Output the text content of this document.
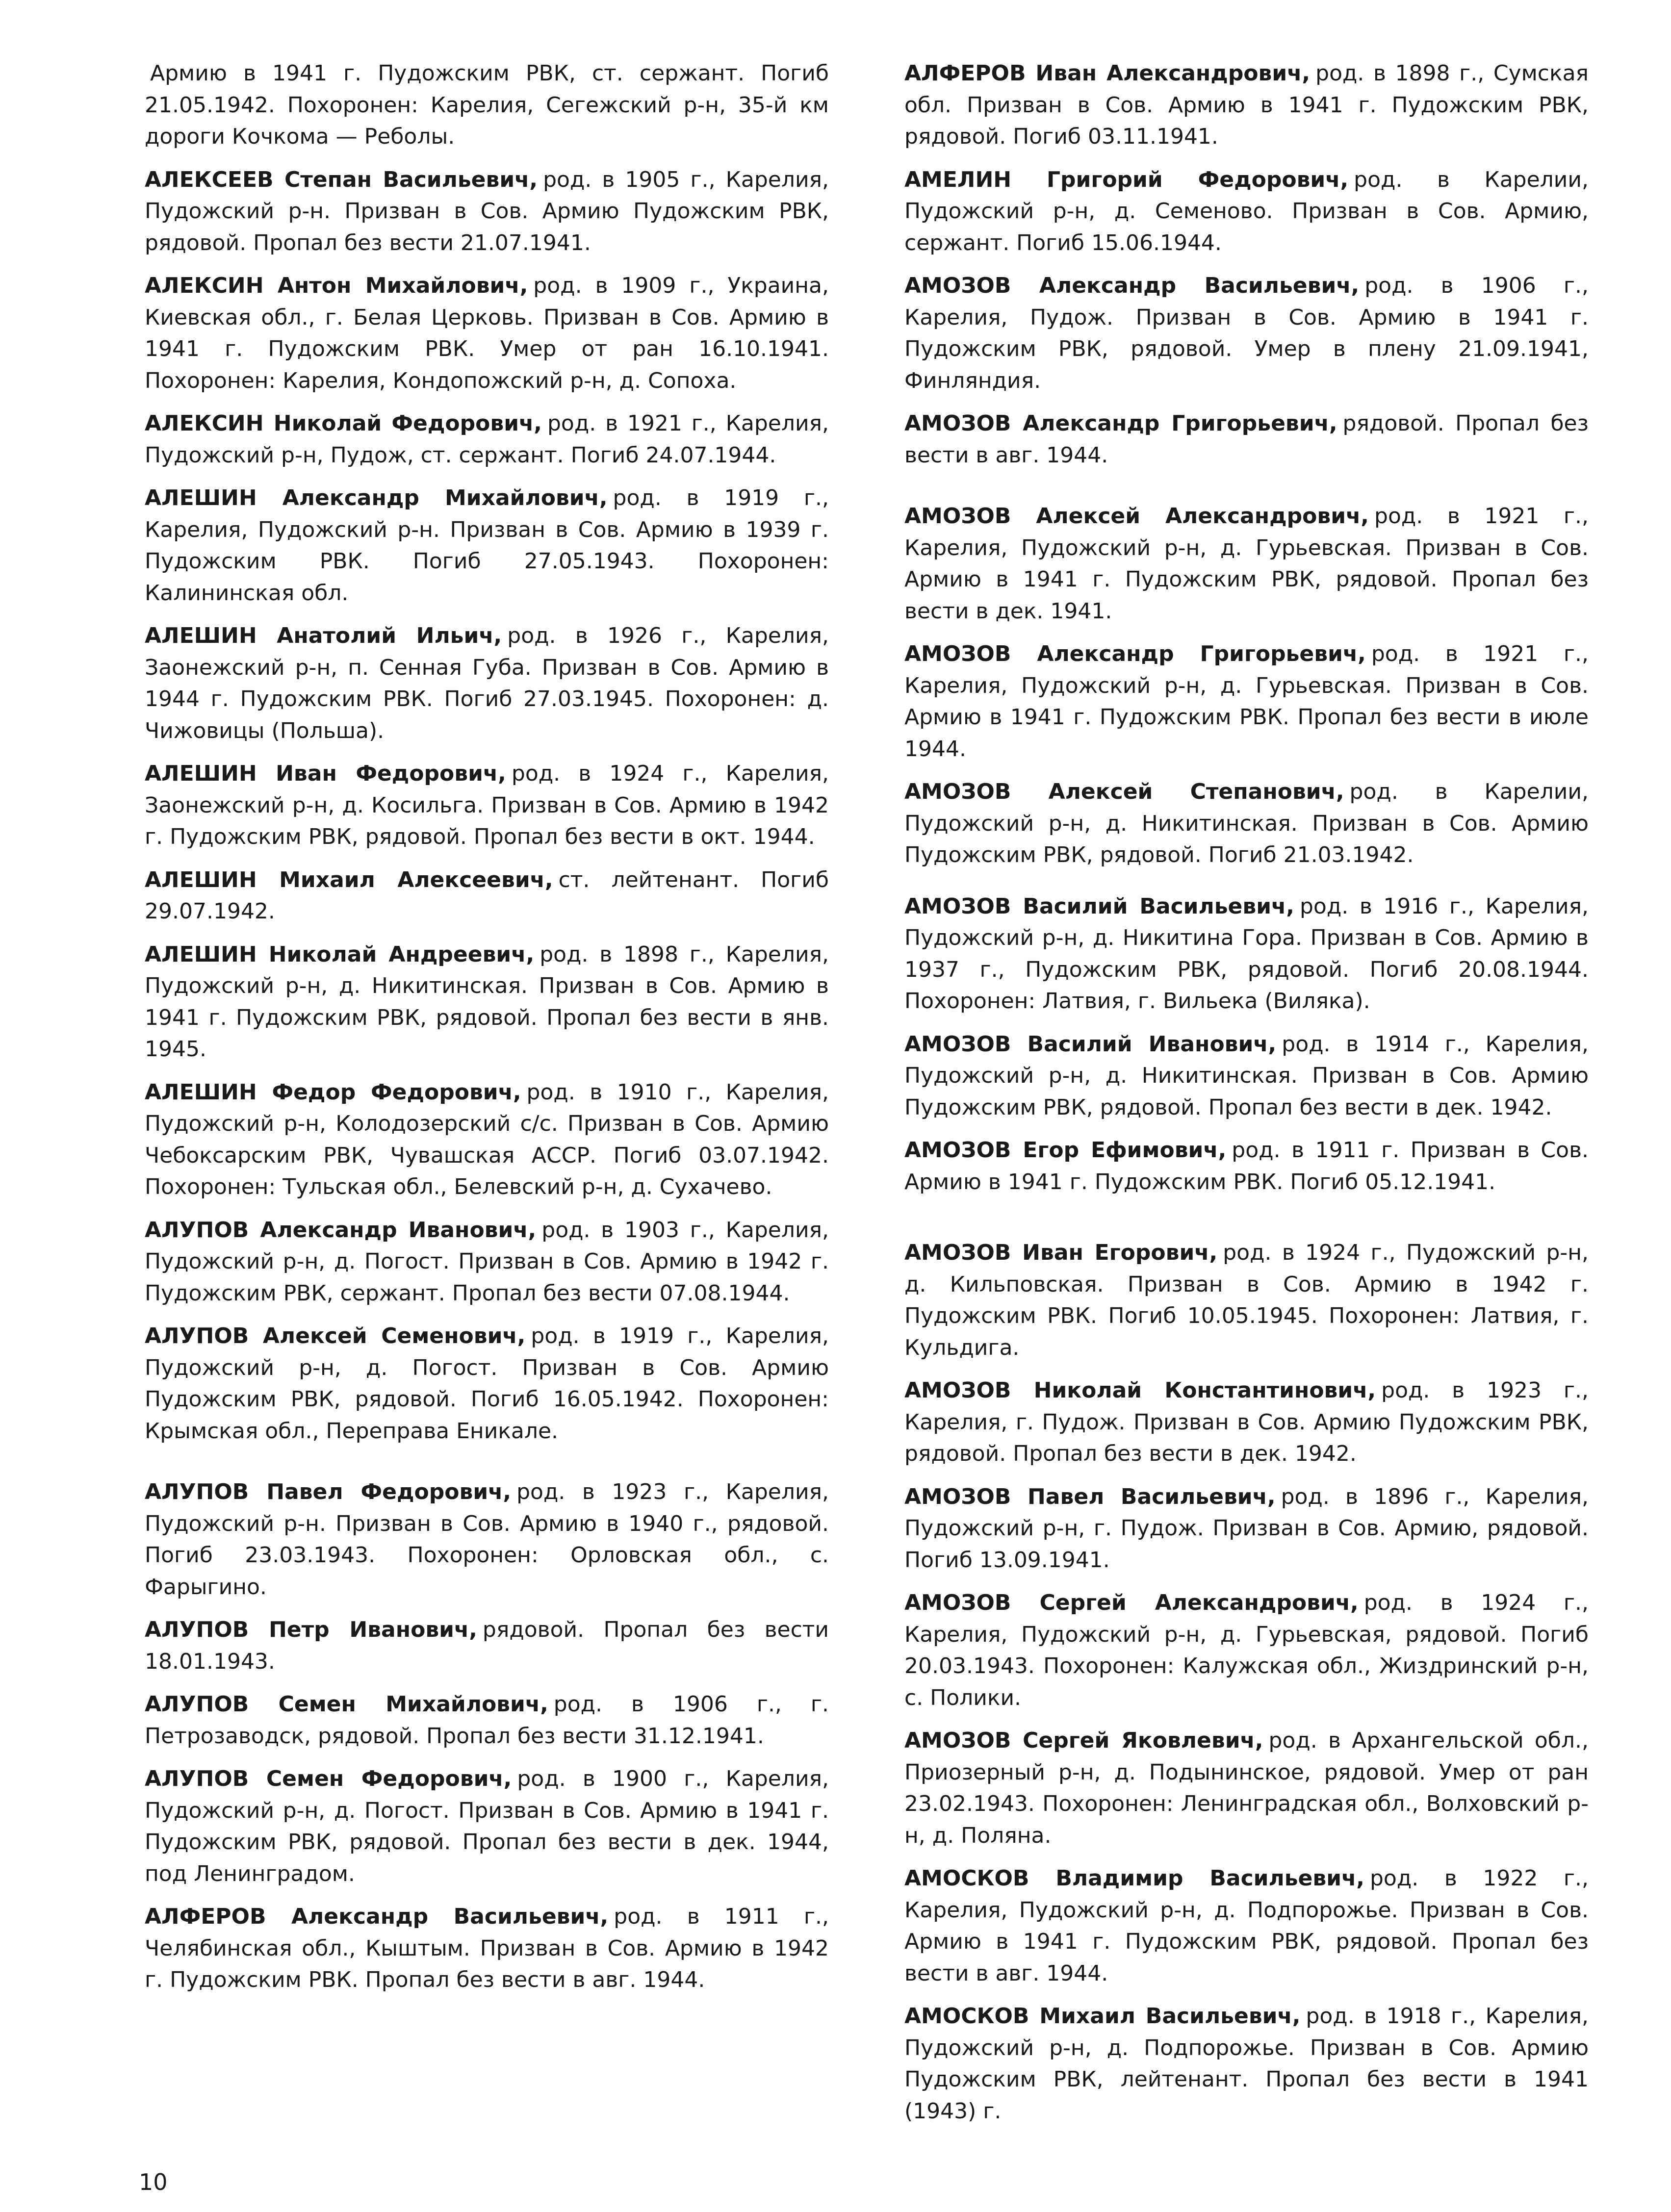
Армию в 1941 г. Пудожским РВК, ст. сержант. Погиб 21.05.1942. Похоронен: Карелия, Сегежский р-н, 35-й км дороги Кочкома — Реболы.

АЛЕКСЕЕВ Степан Васильевич, род. в 1905 г., Карелия, Пудожский р-н. Призван в Сов. Армию Пудожским РВК, рядовой. Пропал без вести 21.07.1941.

АЛЕКСИН Антон Михайлович, род. в 1909 г., Украина, Киевская обл., г. Белая Церковь. Призван в Сов. Армию в 1941 г. Пудожским РВК. Умер от ран 16.10.1941. Похоронен: Карелия, Кондопожский р-н, д. Сопоха.

АЛЕКСИН Николай Федорович, род. в 1921 г., Карелия, Пудожский р-н, Пудож, ст. сержант. Погиб 24.07.1944.

АЛЕШИН Александр Михайлович, род. в 1919 г., Карелия, Пудожский р-н. Призван в Сов. Армию в 1939 г. Пудожским РВК. Погиб 27.05.1943. Похоронен: Калининская обл.

АЛЕШИН Анатолий Ильич, род. в 1926 г., Карелия, Заонежский р-н, п. Сенная Губа. Призван в Сов. Армию в 1944 г. Пудожским РВК. Погиб 27.03.1945. Похоронен: д. Чижовицы (Польша).

АЛЕШИН Иван Федорович, род. в 1924 г., Карелия, Заонежский р-н, д. Косильга. Призван в Сов. Армию в 1942 г. Пудожским РВК, рядовой. Пропал без вести в окт. 1944.

АЛЕШИН Михаил Алексеевич, ст. лейтенант. Погиб 29.07.1942.

АЛЕШИН Николай Андреевич, род. в 1898 г., Карелия, Пудожский р-н, д. Никитинская. Призван в Сов. Армию в 1941 г. Пудожским РВК, рядовой. Пропал без вести в янв. 1945.

АЛЕШИН Федор Федорович, род. в 1910 г., Карелия, Пудожский р-н, Колодозерский с/с. Призван в Сов. Армию Чебоксарским РВК, Чувашская АССР. Погиб 03.07.1942. Похоронен: Тульская обл., Белевский р-н, д. Сухачево.

АЛУПОВ Александр Иванович, род. в 1903 г., Карелия, Пудожский р-н, д. Погост. Призван в Сов. Армию в 1942 г. Пудожским РВК, сержант. Пропал без вести 07.08.1944.

АЛУПОВ Алексей Семенович, род. в 1919 г., Карелия, Пудожский р-н, д. Погост. Призван в Сов. Армию Пудожским РВК, рядовой. Погиб 16.05.1942. Похоронен: Крымская обл., Переправа Еникале.

АЛУПОВ Павел Федорович, род. в 1923 г., Карелия, Пудожский р-н. Призван в Сов. Армию в 1940 г., рядовой. Погиб 23.03.1943. Похоронен: Орловская обл., с. Фарыгино.

АЛУПОВ Петр Иванович, рядовой. Пропал без вести 18.01.1943.

АЛУПОВ Семен Михайлович, род. в 1906 г., г. Петрозаводск, рядовой. Пропал без вести 31.12.1941.

АЛУПОВ Семен Федорович, род. в 1900 г., Карелия, Пудожский р-н, д. Погост. Призван в Сов. Армию в 1941 г. Пудожским РВК, рядовой. Пропал без вести в дек. 1944, под Ленинградом.

АЛФЕРОВ Александр Васильевич, род. в 1911 г., Челябинская обл., Кыштым. Призван в Сов. Армию в 1942 г. Пудожским РВК. Пропал без вести в авг. 1944.

АЛФЕРОВ Иван Александрович, род. в 1898 г., Сумская обл. Призван в Сов. Армию в 1941 г. Пудожским РВК, рядовой. Погиб 03.11.1941.

АМЕЛИН Григорий Федорович, род. в Карелии, Пудожский р-н, д. Семеново. Призван в Сов. Армию, сержант. Погиб 15.06.1944.

АМОЗОВ Александр Васильевич, род. в 1906 г., Карелия, Пудож. Призван в Сов. Армию в 1941 г. Пудожским РВК, рядовой. Умер в плену 21.09.1941, Финляндия.

АМОЗОВ Александр Григорьевич, рядовой. Пропал без вести в авг. 1944.

АМОЗОВ Алексей Александрович, род. в 1921 г., Карелия, Пудожский р-н, д. Гурьевская. Призван в Сов. Армию в 1941 г. Пудожским РВК, рядовой. Пропал без вести в дек. 1941.

АМОЗОВ Александр Григорьевич, род. в 1921 г., Карелия, Пудожский р-н, д. Гурьевская. Призван в Сов. Армию в 1941 г. Пудожским РВК. Пропал без вести в июле 1944.

АМОЗОВ Алексей Степанович, род. в Карелии, Пудожский р-н, д. Никитинская. Призван в Сов. Армию Пудожским РВК, рядовой. Погиб 21.03.1942.

АМОЗОВ Василий Васильевич, род. в 1916 г., Карелия, Пудожский р-н, д. Никитина Гора. Призван в Сов. Армию в 1937 г., Пудожским РВК, рядовой. Погиб 20.08.1944. Похоронен: Латвия, г. Вильека (Виляка).

АМОЗОВ Василий Иванович, род. в 1914 г., Карелия, Пудожский р-н, д. Никитинская. Призван в Сов. Армию Пудожским РВК, рядовой. Пропал без вести в дек. 1942.

АМОЗОВ Егор Ефимович, род. в 1911 г. Призван в Сов. Армию в 1941 г. Пудожским РВК. Погиб 05.12.1941.

АМОЗОВ Иван Егорович, род. в 1924 г., Пудожский р-н, д. Кильповская. Призван в Сов. Армию в 1942 г. Пудожским РВК. Погиб 10.05.1945. Похоронен: Латвия, г. Кульдига.

АМОЗОВ Николай Константинович, род. в 1923 г., Карелия, г. Пудож. Призван в Сов. Армию Пудожским РВК, рядовой. Пропал без вести в дек. 1942.

АМОЗОВ Павел Васильевич, род. в 1896 г., Карелия, Пудожский р-н, г. Пудож. Призван в Сов. Армию, рядовой. Погиб 13.09.1941.

АМОЗОВ Сергей Александрович, род. в 1924 г., Карелия, Пудожский р-н, д. Гурьевская, рядовой. Погиб 20.03.1943. Похоронен: Калужская обл., Жиздринский р-н, с. Полики.

АМОЗОВ Сергей Яковлевич, род. в Архангельской обл., Приозерный р-н, д. Подынинское, рядовой. Умер от ран 23.02.1943. Похоронен: Ленинградская обл., Волховский р-н, д. Поляна.

АМОСКОВ Владимир Васильевич, род. в 1922 г., Карелия, Пудожский р-н, д. Подпорожье. Призван в Сов. Армию в 1941 г. Пудожским РВК, рядовой. Пропал без вести в авг. 1944.

АМОСКОВ Михаил Васильевич, род. в 1918 г., Карелия, Пудожский р-н, д. Подпорожье. Призван в Сов. Армию Пудожским РВК, лейтенант. Пропал без вести в 1941 (1943) г.

10
